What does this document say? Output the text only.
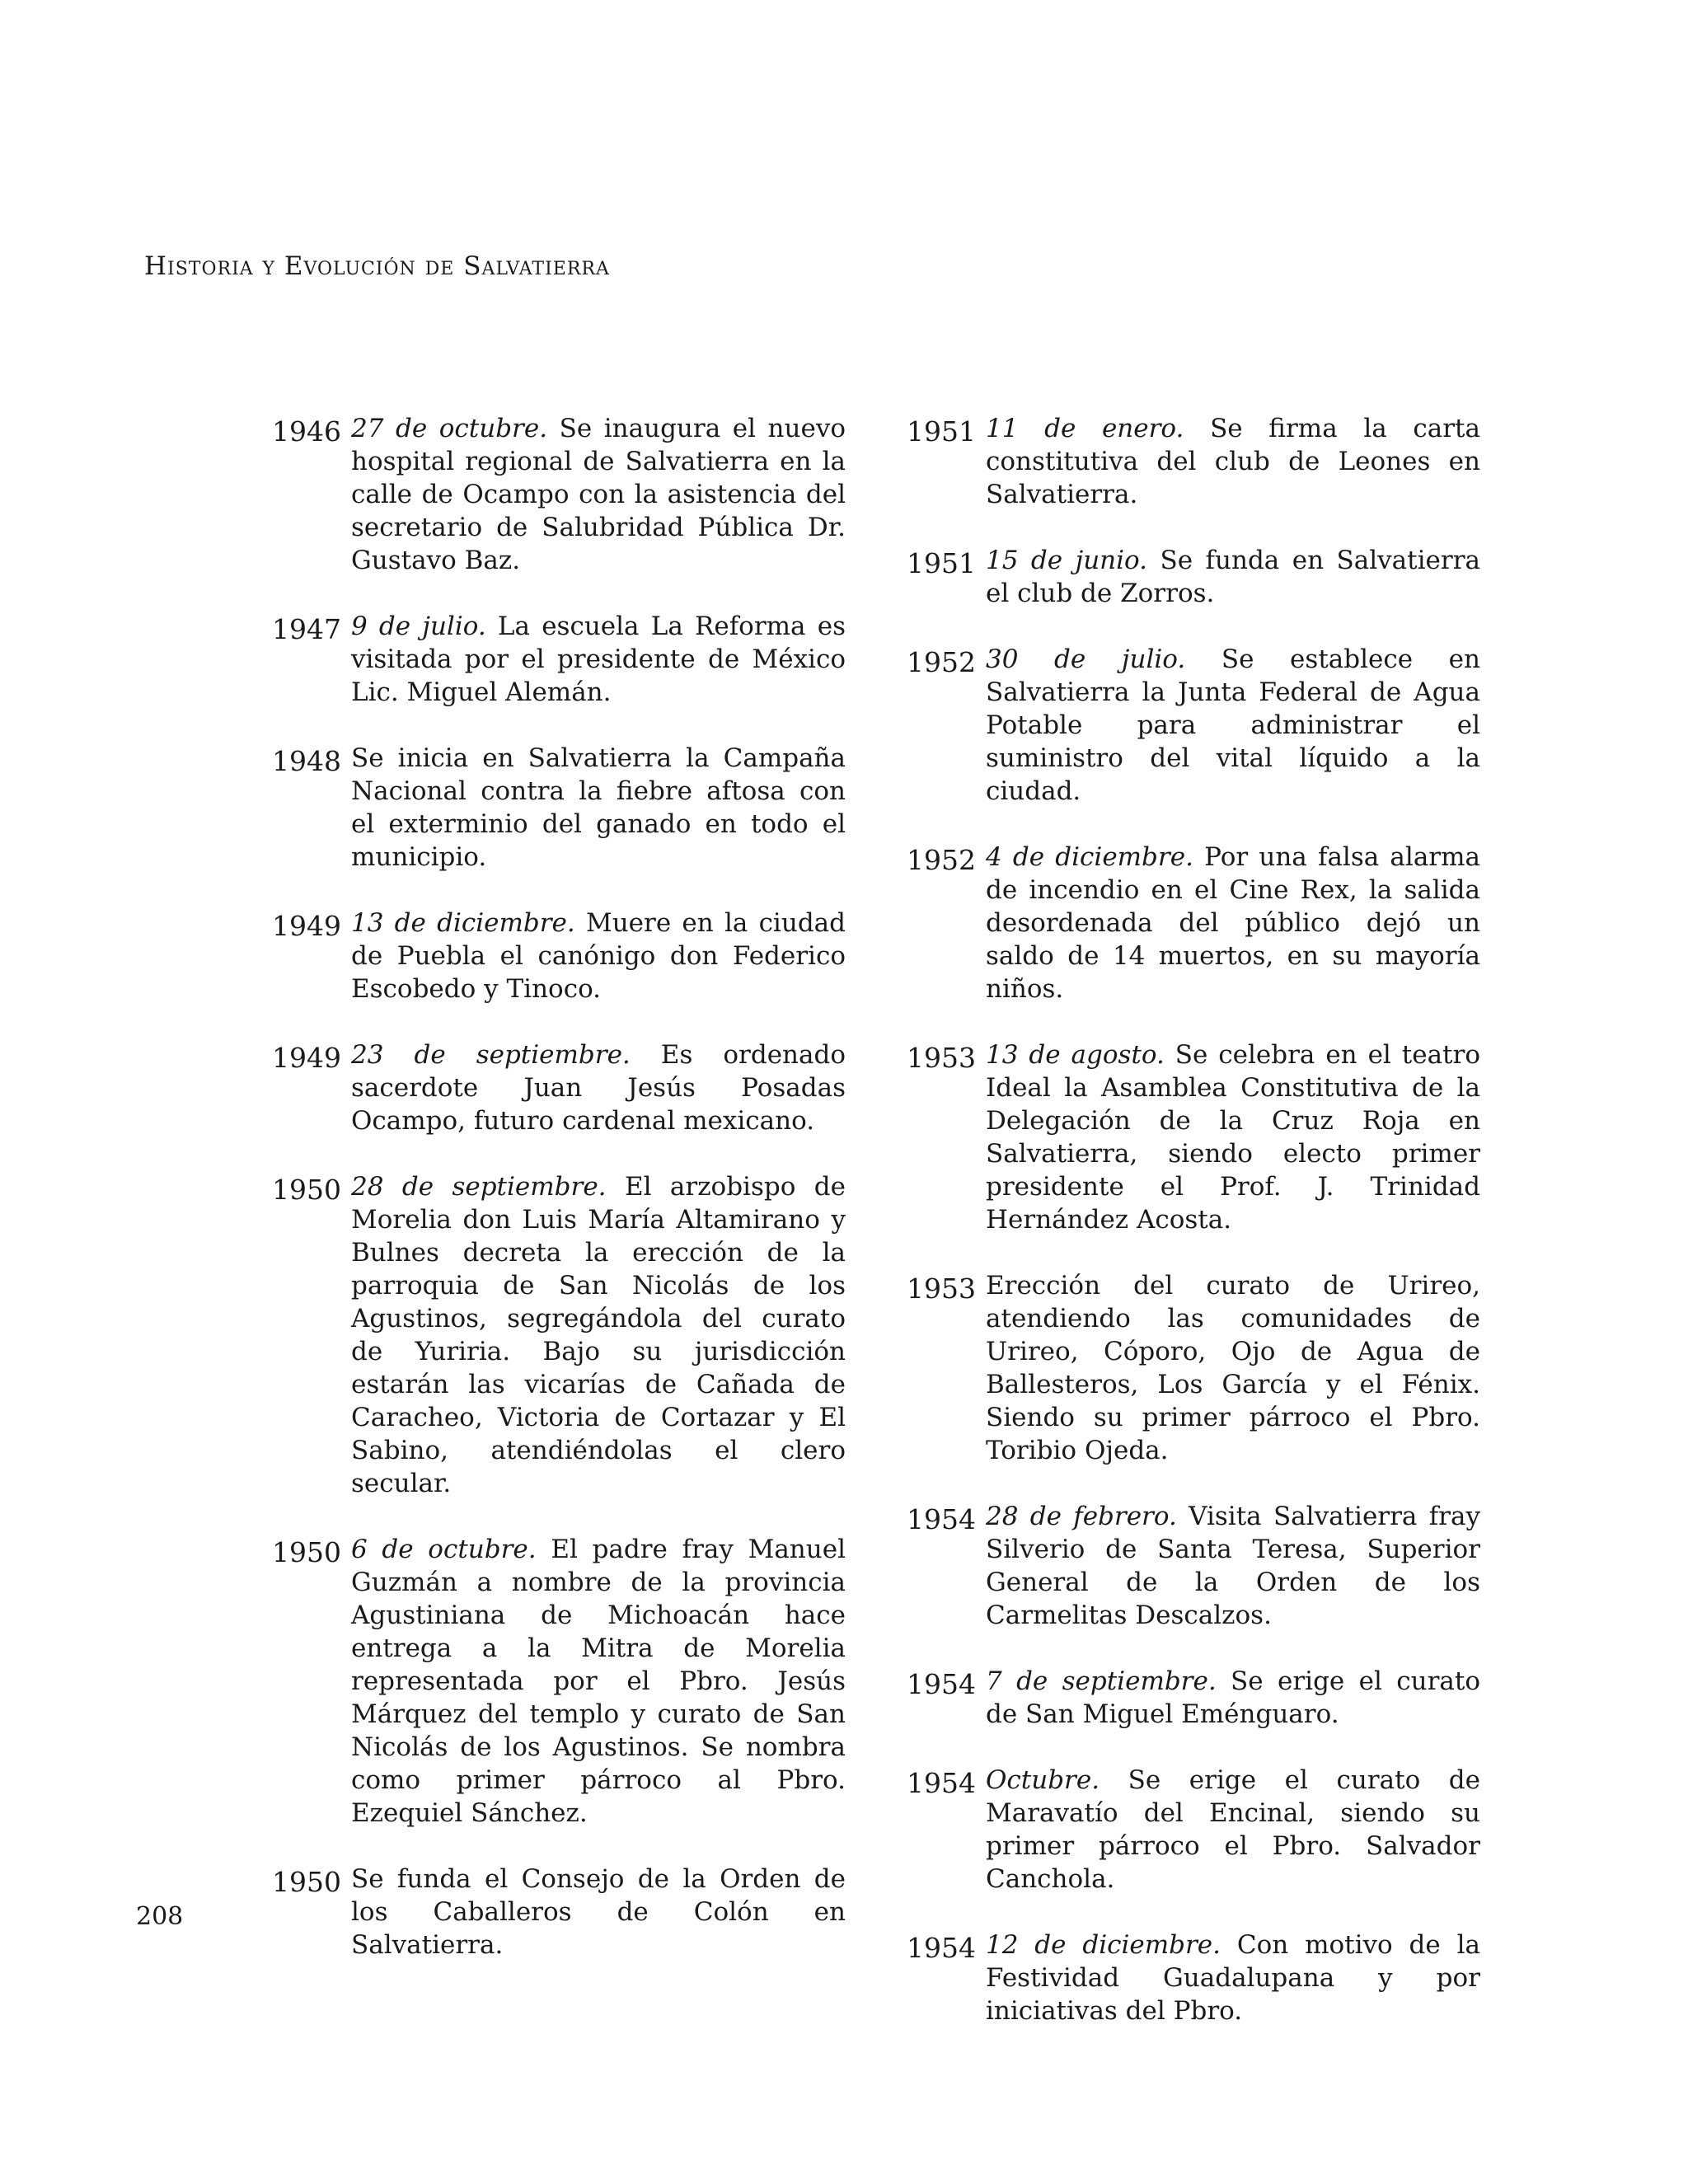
Historia y Evolución de Salvatierra
1946 27 de octubre. Se inaugura el nuevo hospital regional de Salvatierra en la calle de Ocampo con la asistencia del secretario de Salubridad Pública Dr. Gustavo Baz.
1947 9 de julio. La escuela La Reforma es visitada por el presidente de México Lic. Miguel Alemán.
1948 Se inicia en Salvatierra la Campaña Nacional contra la fiebre aftosa con el exterminio del ganado en todo el municipio.
1949 13 de diciembre. Muere en la ciudad de Puebla el canónigo don Federico Escobedo y Tinoco.
1949 23 de septiembre. Es ordenado sacerdote Juan Jesús Posadas Ocampo, futuro cardenal mexicano.
1950 28 de septiembre. El arzobispo de Morelia don Luis María Altamirano y Bulnes decreta la erección de la parroquia de San Nicolás de los Agustinos, segregándola del curato de Yuriria. Bajo su jurisdicción estarán las vicarías de Cañada de Caracheo, Victoria de Cortazar y El Sabino, atendiéndolas el clero secular.
1950 6 de octubre. El padre fray Manuel Guzmán a nombre de la provincia Agustiniana de Michoacán hace entrega a la Mitra de Morelia representada por el Pbro. Jesús Márquez del templo y curato de San Nicolás de los Agustinos. Se nombra como primer párroco al Pbro. Ezequiel Sánchez.
1950 Se funda el Consejo de la Orden de los Caballeros de Colón en Salvatierra.
1951 11 de enero. Se firma la carta constitutiva del club de Leones en Salvatierra.
1951 15 de junio. Se funda en Salvatierra el club de Zorros.
1952 30 de julio. Se establece en Salvatierra la Junta Federal de Agua Potable para administrar el suministro del vital líquido a la ciudad.
1952 4 de diciembre. Por una falsa alarma de incendio en el Cine Rex, la salida desordenada del público dejó un saldo de 14 muertos, en su mayoría niños.
1953 13 de agosto. Se celebra en el teatro Ideal la Asamblea Constitutiva de la Delegación de la Cruz Roja en Salvatierra, siendo electo primer presidente el Prof. J. Trinidad Hernández Acosta.
1953 Erección del curato de Urireo, atendiendo las comunidades de Urireo, Cóporo, Ojo de Agua de Ballesteros, Los García y el Fénix. Siendo su primer párroco el Pbro. Toribio Ojeda.
1954 28 de febrero. Visita Salvatierra fray Silverio de Santa Teresa, Superior General de la Orden de los Carmelitas Descalzos.
1954 7 de septiembre. Se erige el curato de San Miguel Eménguaro.
1954 Octubre. Se erige el curato de Maravatío del Encinal, siendo su primer párroco el Pbro. Salvador Canchola.
1954 12 de diciembre. Con motivo de la Festividad Guadalupana y por iniciativas del Pbro.
208
